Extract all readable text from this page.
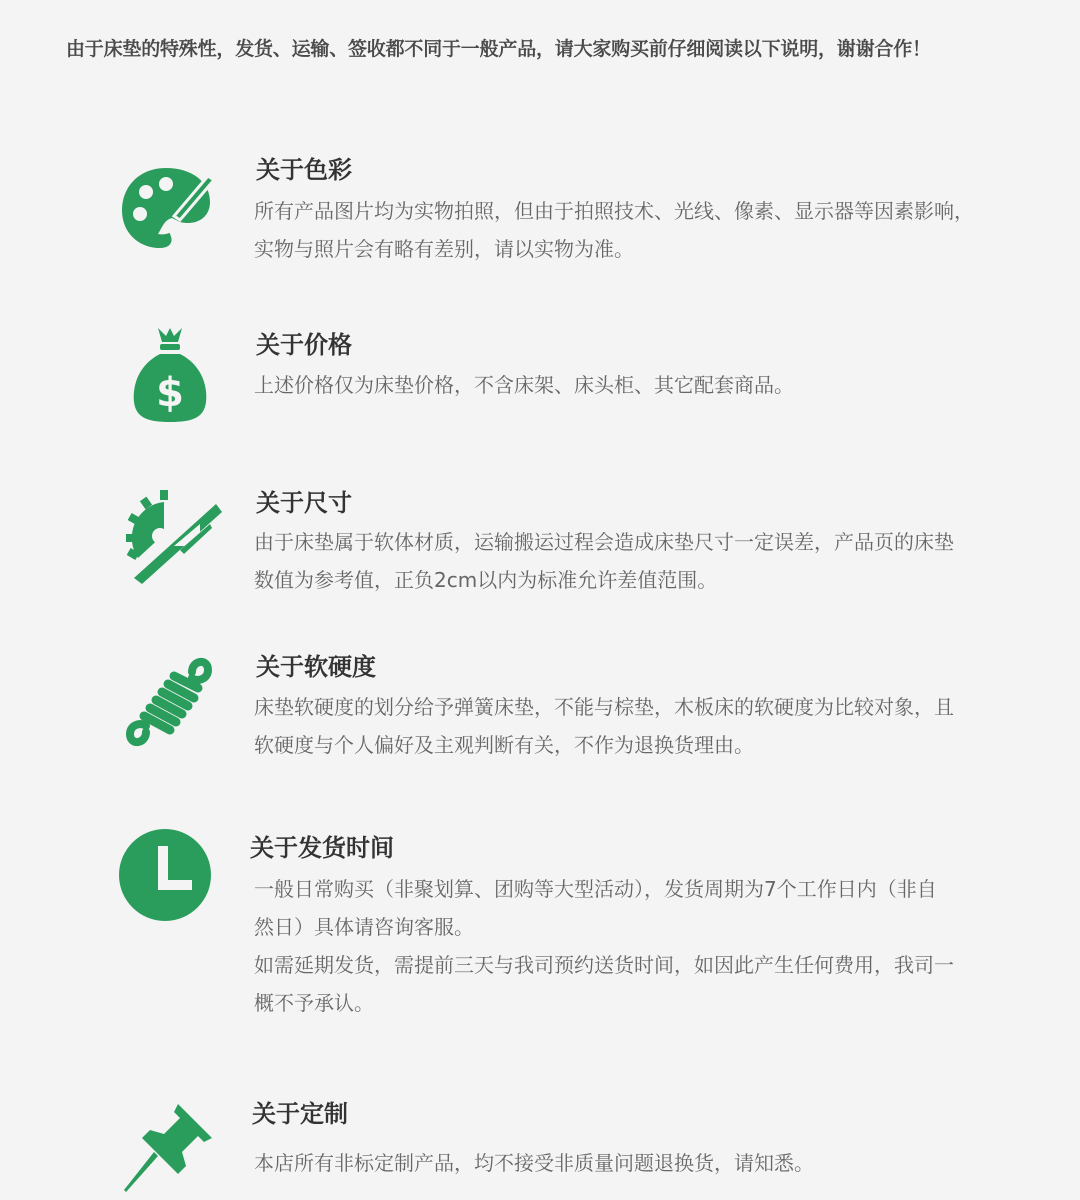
由于床垫的特殊性，发货、运输、签收都不同于一般产品，请大家购买前仔细阅读以下说明，谢谢合作！
关于色彩

所有产品图片均为实物拍照，但由于拍照技术、光线、像素、显示器等因素影响，

实物与照片会有略有差别，请以实物为准。

$
关于价格

上述价格仅为床垫价格，不含床架、床头柜、其它配套商品。

关于尺寸

由于床垫属于软体材质，运输搬运过程会造成床垫尺寸一定误差，产品页的床垫

数值为参考值，正负2cm以内为标准允许差值范围。

关于软硬度

床垫软硬度的划分给予弹簧床垫，不能与棕垫，木板床的软硬度为比较对象，且

软硬度与个人偏好及主观判断有关，不作为退换货理由。

关于发货时间

一般日常购买（非聚划算、团购等大型活动），发货周期为7个工作日内（非自

然日）具体请咨询客服。

如需延期发货，需提前三天与我司预约送货时间，如因此产生任何费用，我司一

概不予承认。

关于定制

本店所有非标定制产品，均不接受非质量问题退换货，请知悉。
